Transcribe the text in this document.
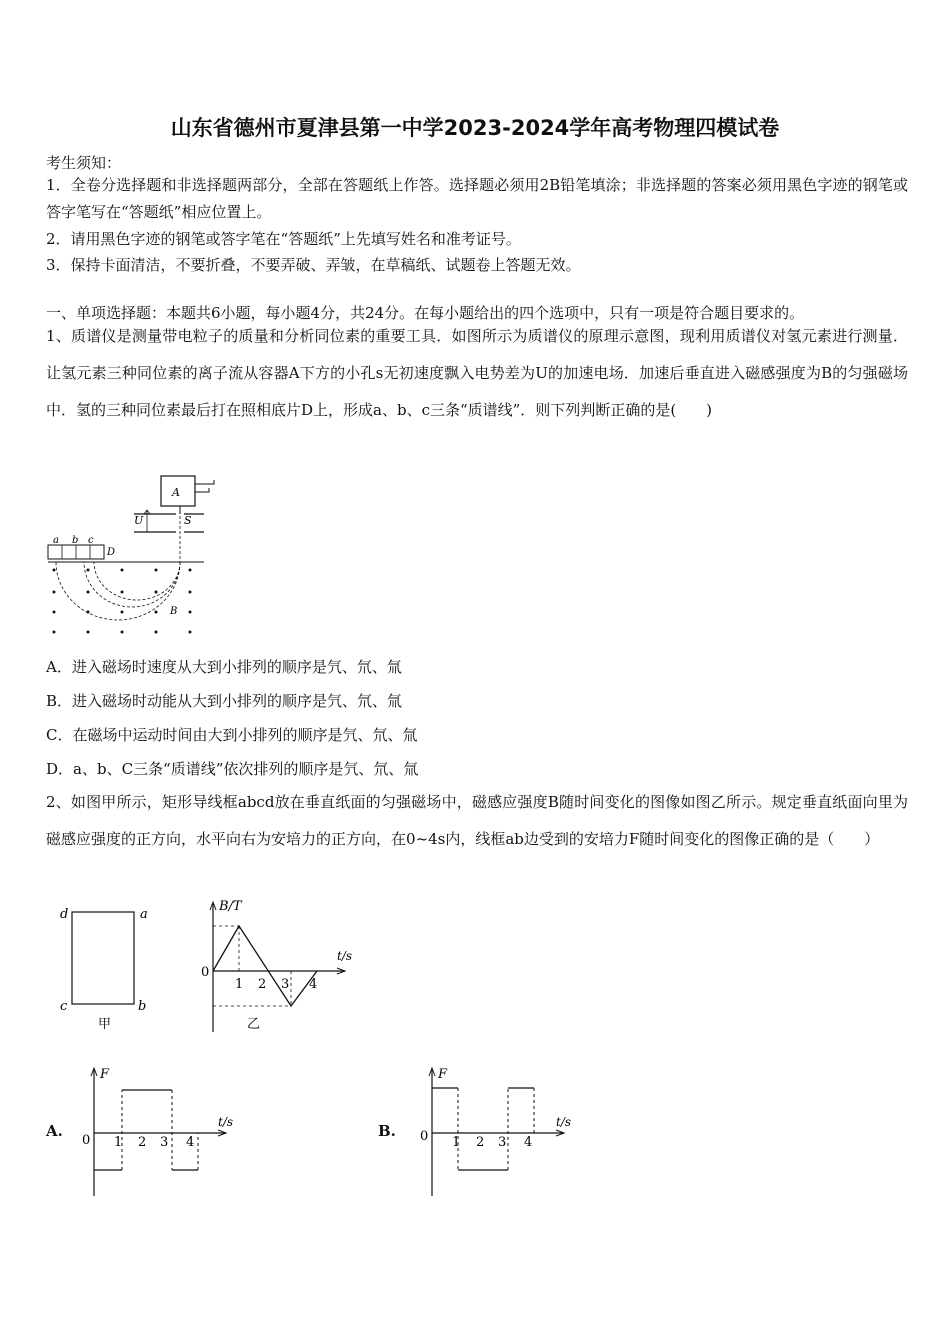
山东省德州市夏津县第一中学2023-2024学年高考物理四模试卷
考生须知：
1．全卷分选择题和非选择题两部分，全部在答题纸上作答。选择题必须用2B铅笔填涂；非选择题的答案必须用黑色字迹的钢笔或答字笔写在“答题纸”相应位置上。
2．请用黑色字迹的钢笔或答字笔在“答题纸”上先填写姓名和准考证号。
3．保持卡面清洁，不要折叠，不要弄破、弄皱，在草稿纸、试题卷上答题无效。
一、单项选择题：本题共6小题，每小题4分，共24分。在每小题给出的四个选项中，只有一项是符合题目要求的。
1、质谱仪是测量带电粒子的质量和分析同位素的重要工具．如图所示为质谱仪的原理示意图，现利用质谱仪对氢元素进行测量．让氢元素三种同位素的离子流从容器A下方的小孔s无初速度飘入电势差为U的加速电场．加速后垂直进入磁感强度为B的匀强磁场中．氢的三种同位素最后打在照相底片D上，形成a、b、c三条“质谱线”．则下列判断正确的是(　　)
A
U	S
a b c
D
B
A．进入磁场时速度从大到小排列的顺序是氕、氘、氚
B．进入磁场时动能从大到小排列的顺序是氕、氘、氚
C．在磁场中运动时间由大到小排列的顺序是氕、氘、氚
D．a、b、C三条“质谱线”依次排列的顺序是氕、氘、氚
2、如图甲所示，矩形导线框abcd放在垂直纸面的匀强磁场中，磁感应强度B随时间变化的图像如图乙所示。规定垂直纸面向里为磁感应强度的正方向，水平向右为安培力的正方向，在0~4s内，线框ab边受到的安培力F随时间变化的图像正确的是（　　）
d	a
c	b
甲
B/T
t/s
0
1 2 3 4
乙
A.
F
t/s
0 1 2 3 4
B.
F
t/s
0 1 2 3 4
